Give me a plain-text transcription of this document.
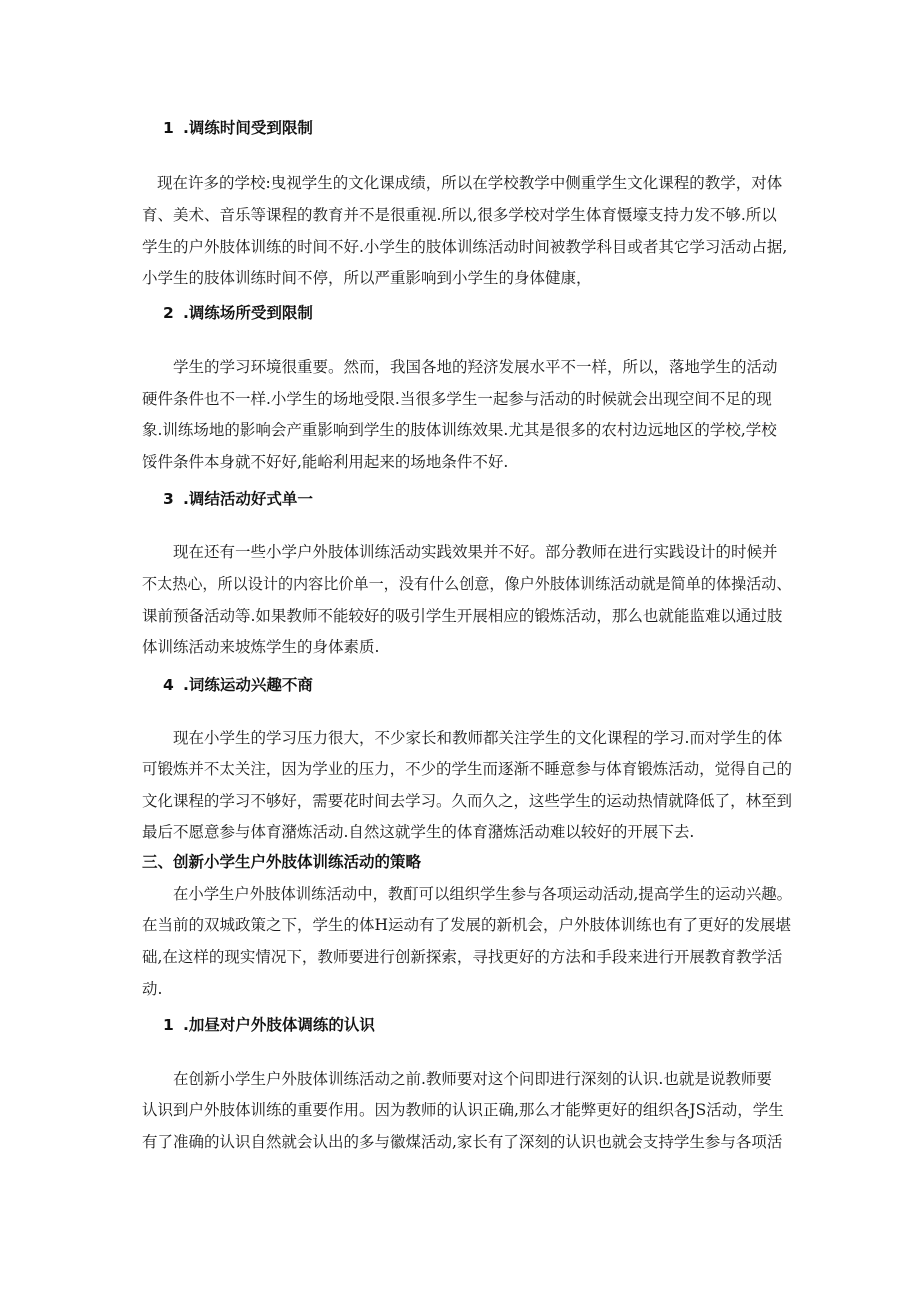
1 .调练时间受到限制
现在许多的学校:曳视学生的文化课成绩，所以在学校教学中侧重学生文化课程的教学，对体
育、美术、音乐等课程的教育并不是很重视.所以,很多学校对学生体育慑壕支持力发不够.所以
学生的户外肢体训练的时间不好.小学生的肢体训练活动时间被教学科目或者其它学习活动占据,
小学生的肢体训练时间不停，所以严重影响到小学生的身体健康，
2 .调练场所受到限制
学生的学习环境很重要。然而，我国各地的羟济发展水平不一样，所以，落地学生的活动
硬件条件也不一样.小学生的场地受限.当很多学生一起参与活动的时候就会出现空间不足的现
象.训练场地的影响会产重影响到学生的肢体训练效果.尤其是很多的农村边远地区的学校,学校
馁件条件本身就不好好,能峪利用起来的场地条件不好.
3 .调结活动好式单一
现在还有一些小学户外肢体训练活动实践效果并不好。部分教师在进行实践设计的时候并
不太热心，所以设计的内容比价单一，没有什么创意，像户外肢体训练活动就是简单的体操活动、
课前预备活动等.如果教师不能较好的吸引学生开展相应的锻炼活动，那么也就能监难以通过肢
体训练活动来坡炼学生的身体素质.
4 .词练运动兴趣不商
现在小学生的学习压力很大，不少家长和教师都关注学生的文化课程的学习.而对学生的体
可锻炼并不太关注，因为学业的压力，不少的学生而逐渐不睡意参与体育锻炼活动，觉得自己的
文化课程的学习不够好，需要花时间去学习。久而久之，这些学生的运动热情就降低了，林至到
最后不愿意参与体育潴炼活动.自然这就学生的体育潴炼活动难以较好的开展下去.
三、创新小学生户外肢体训练活动的策略
在小学生户外肢体训练活动中，教酊可以组织学生参与各项运动活动,提高学生的运动兴趣。
在当前的双城政策之下，学生的体H运动有了发展的新机会，户外肢体训练也有了更好的发展堪
础,在这样的现实情况下，教师要进行创新探索，寻找更好的方法和手段来进行开展教育教学活
动.
1 .加昼对户外肢体调练的认识
在创新小学生户外肢体训练活动之前.教师要对这个问即进行深刻的认识.也就是说教师要
认识到户外肢体训练的重要作用。因为教师的认识正确,那么才能弊更好的组织各JS活动，学生
有了准确的认识自然就会认出的多与徽煤活动,家长有了深刻的认识也就会支持学生参与各项活
